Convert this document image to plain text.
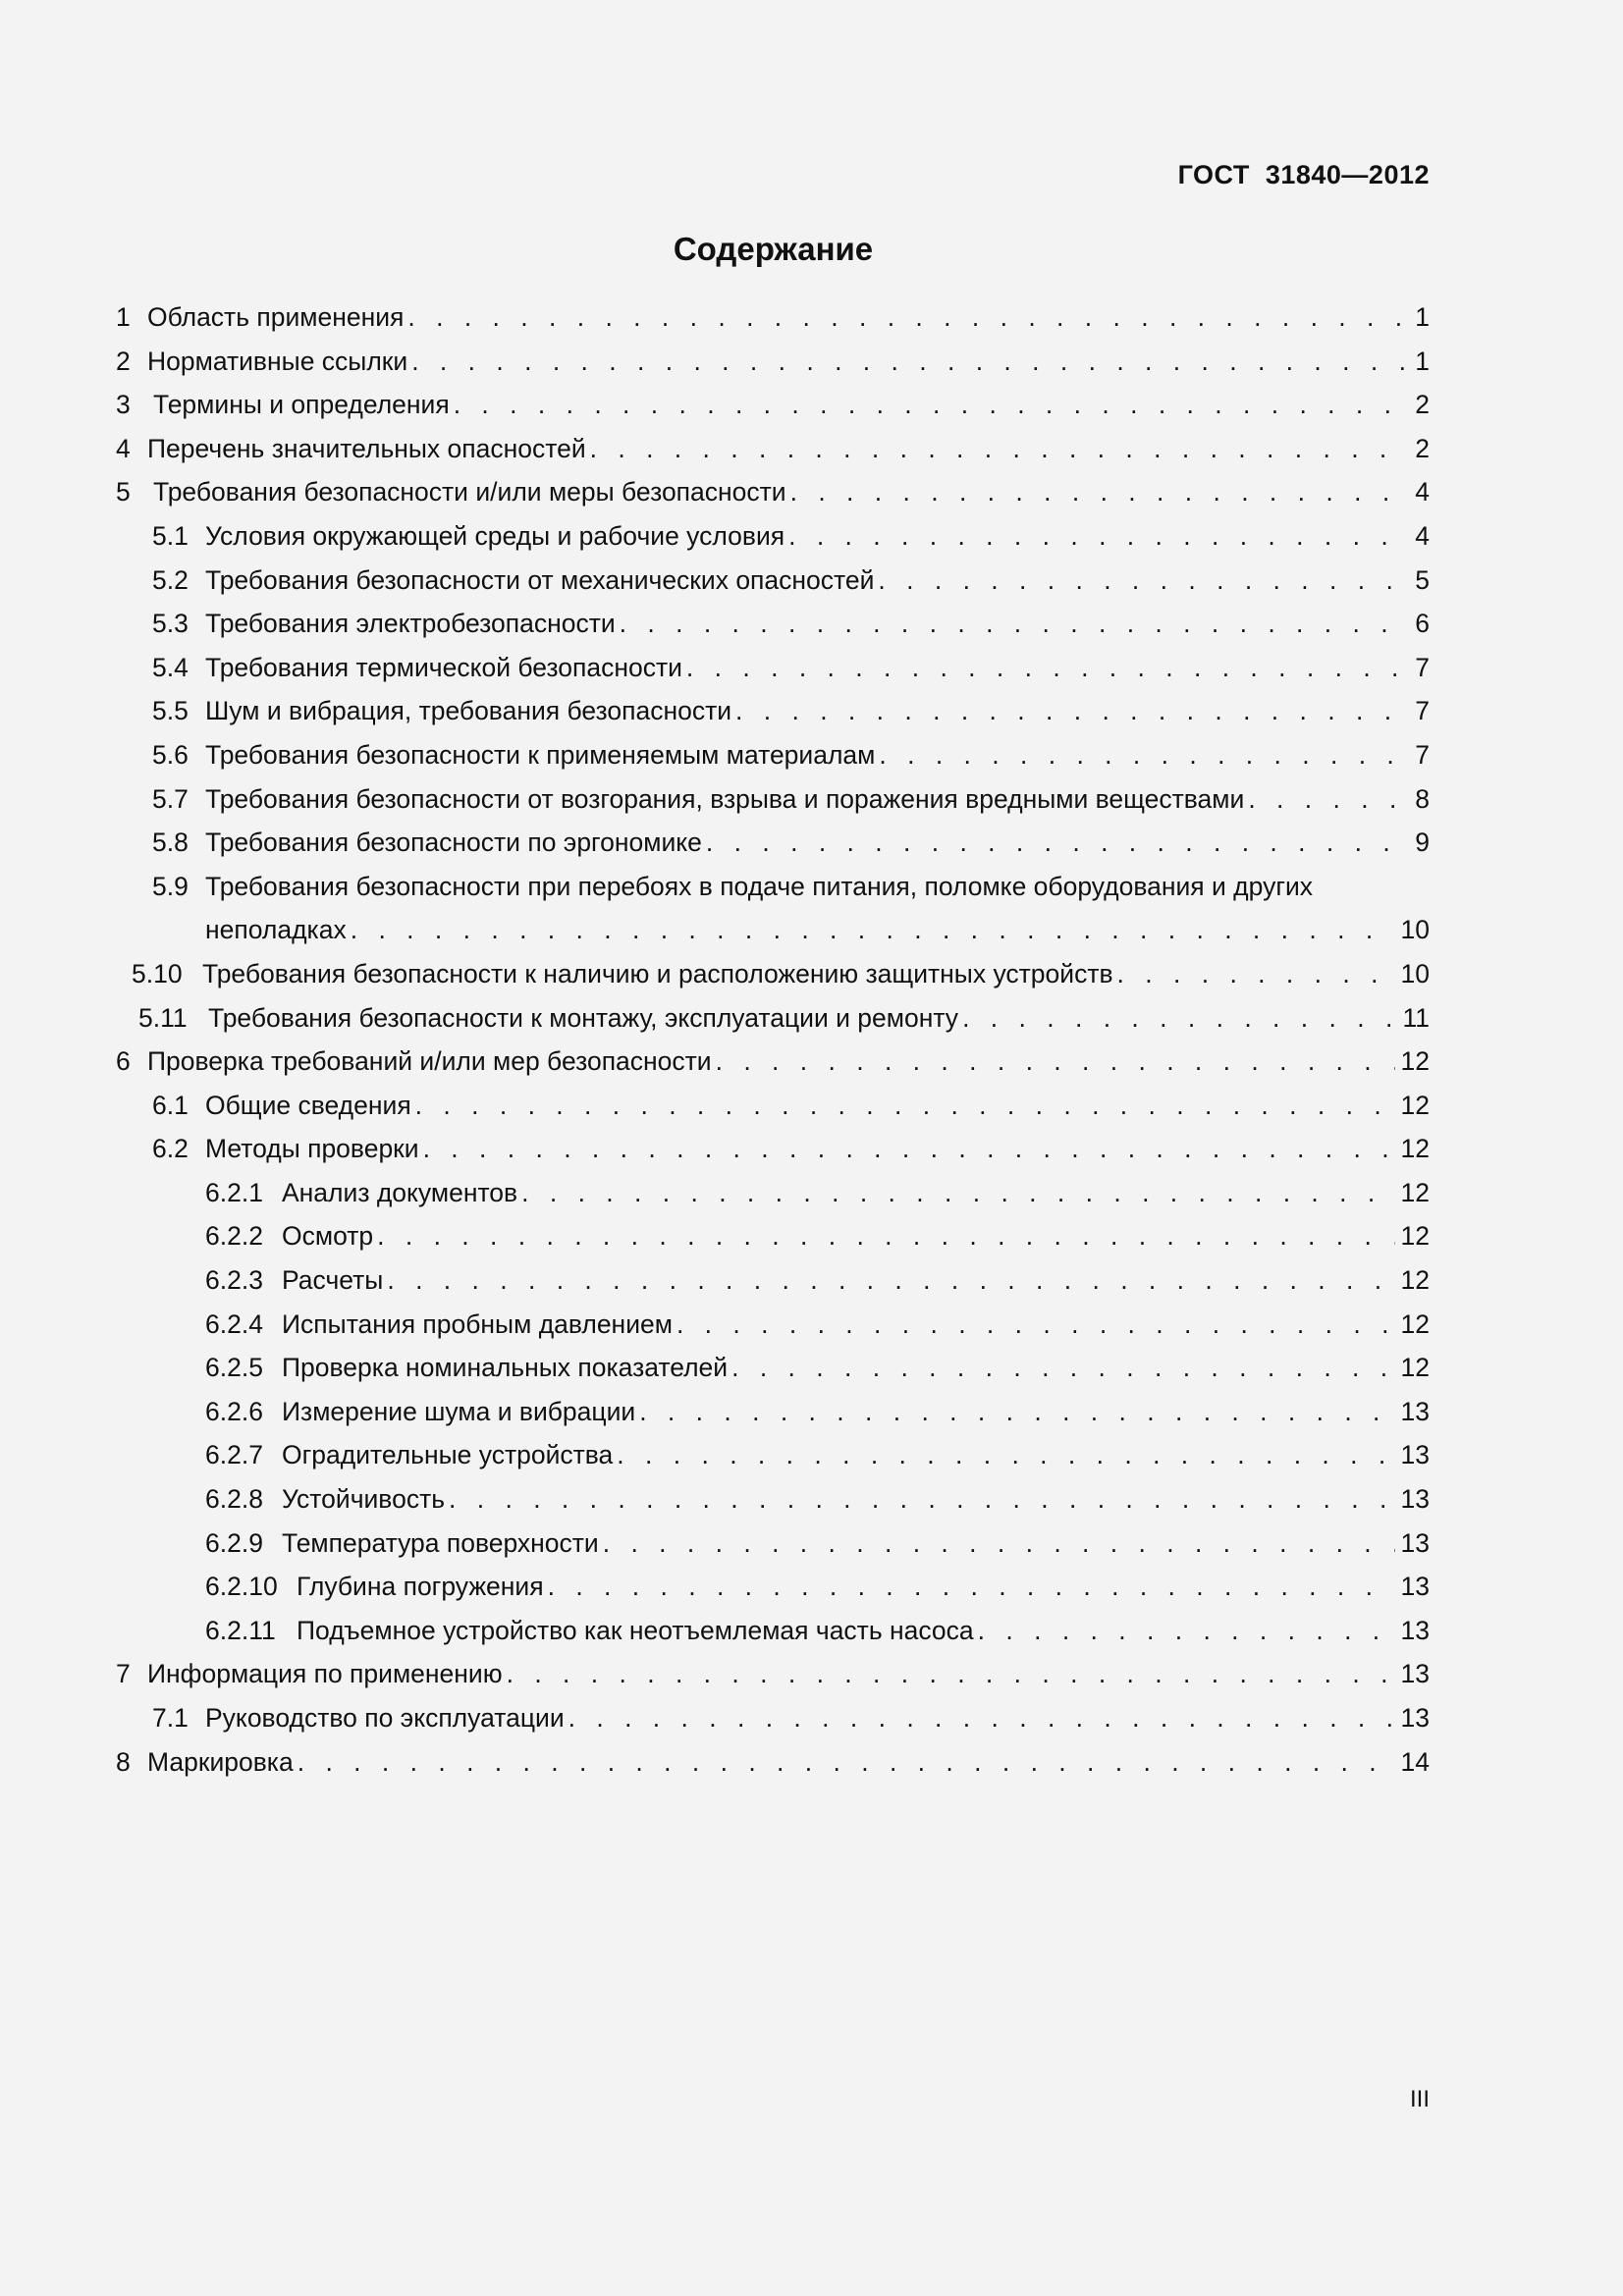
ГОСТ  31840—2012
Содержание
1 Область применения . . .	1
2 Нормативные ссылки . . .	1
3 Термины и определения . . .	2
4 Перечень значительных опасностей . . .	2
5 Требования безопасности и/или меры безопасности . . .	4
5.1 Условия окружающей среды и рабочие условия . . .	4
5.2 Требования безопасности от механических опасностей . . .	5
5.3 Требования электробезопасности . . .	6
5.4 Требования термической безопасности . . .	7
5.5 Шум и вибрация, требования безопасности . . .	7
5.6 Требования безопасности к применяемым материалам . . .	7
5.7 Требования безопасности от возгорания, взрыва и поражения вредными веществами . . .	8
5.8 Требования безопасности по эргономике . . .	9
5.9 Требования безопасности при перебоях в подаче питания, поломке оборудования и других
неполадках . . .	10
5.10 Требования безопасности к наличию и расположению защитных устройств . . .	10
5.11 Требования безопасности к монтажу, эксплуатации и ремонту . . .	11
6 Проверка требований и/или мер безопасности . . .	12
6.1 Общие сведения . . .	12
6.2 Методы проверки . . .	12
6.2.1 Анализ документов . . .	12
6.2.2 Осмотр . . .	12
6.2.3 Расчеты . . .	12
6.2.4 Испытания пробным давлением . . .	12
6.2.5 Проверка номинальных показателей . . .	12
6.2.6 Измерение шума и вибрации . . .	13
6.2.7 Оградительные устройства . . .	13
6.2.8 Устойчивость . . .	13
6.2.9 Температура поверхности . . .	13
6.2.10 Глубина погружения . . .	13
6.2.11 Подъемное устройство как неотъемлемая часть насоса . . .	13
7 Информация по применению . . .	13
7.1 Руководство по эксплуатации . . .	13
8 Маркировка . . .	14
III
